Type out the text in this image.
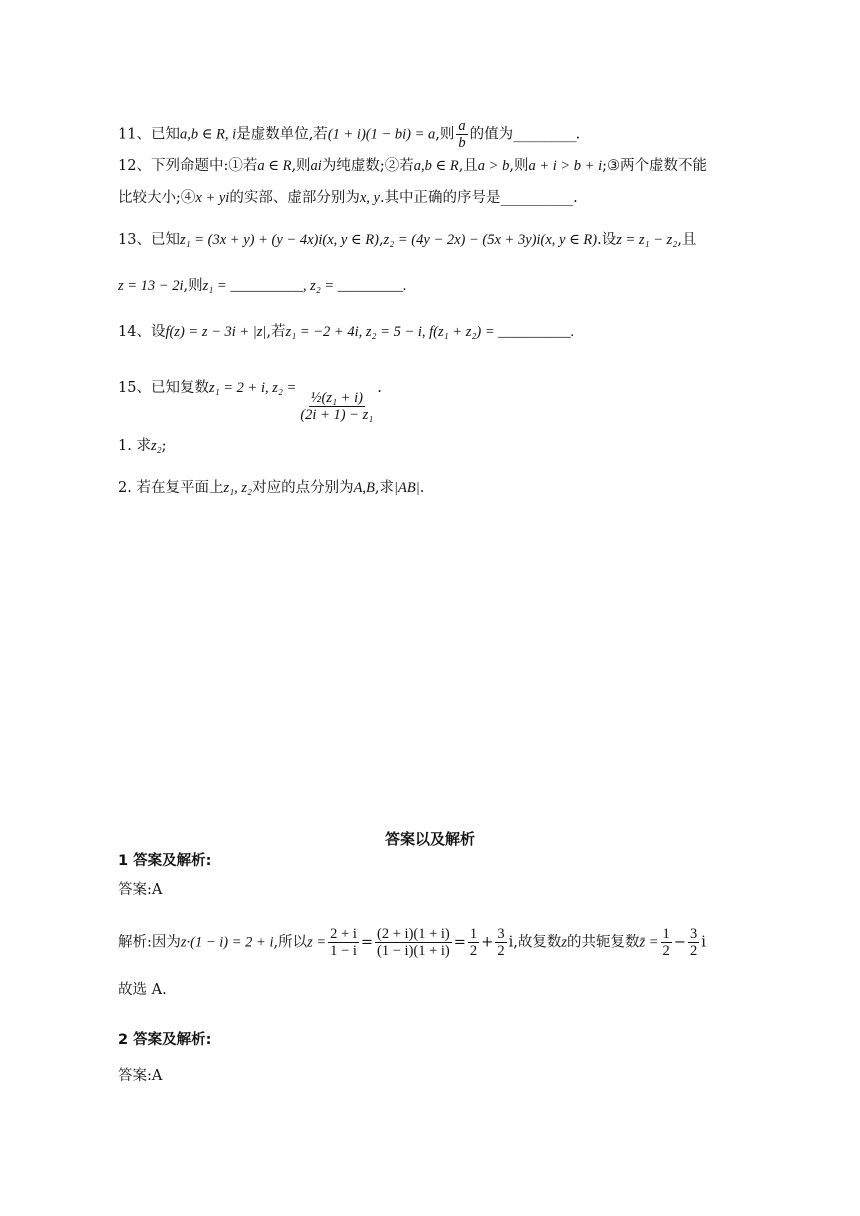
11、已知a,b ∈ R, i是虚数单位,若(1 + i)(1 − bi) = a,则 $\frac{a}{b}$ 的值为__________.
12、下列命题中:①若a ∈ R,则ai为纯虚数;②若a,b ∈ R,且a > b,则a + i > b + i;③两个虚数不能
比较大小;④x + yi的实部、虚部分别为x, y.其中正确的序号是__________.
13、已知z₁ = (3x + y) + (y − 4x)i(x, y ∈ R),z₂ = (4y − 2x) − (5x + 3y)i(x, y ∈ R).设z = z₁ − z₂,且
z = 13 − 2i,则z₁ = __________, z₂ = _________.
14、设f(z) = z − 3i + |z|,若z₁ = −2 + 4i, z₂ = 5 − i, f(z₁ + z₂) = __________.
15、已知复数z₁ = 2 + i, z₂ =
$\frac{\text{½(z₁ + i)}}{\text{(2i + 1) − z₁}}$
.
1. 求z₂;
2. 若在复平面上z₁, z₂对应的点分别为A,B,求|AB|.
答案以及解析
1 答案及解析:
答案:A
解析:因为z·(1 − i) = 2 + i,所以$z = \frac{2 + i}{1 - i} = \frac{(2 + i)(1 + i)}{(1 - i)(1 + i)} = \frac{1}{2} + \frac{3}{2} i$,故复数z的共轭复数z̄ = $\frac{1}{2} - \frac{3}{2}$ i
故选 A.
2 答案及解析:
答案:A
